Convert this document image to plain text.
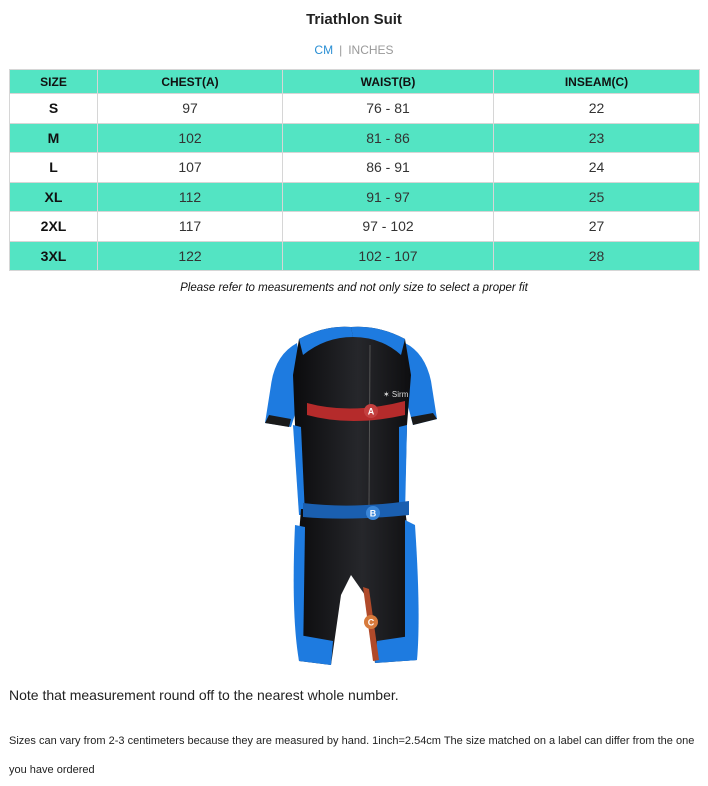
Triathlon Suit
CM | INCHES
SIZE	CHEST(A)	WAIST(B)	INSEAM(C)
S	97	76 - 81	22
M	102	81 - 86	23
L	107	86 - 91	24
XL	112	91 - 97	25
2XL	117	97 - 102	27
3XL	122	102 - 107	28
Please refer to measurements and not only size to select a proper fit
✶ Sirm
A
B
C
Note that measurement round off to the nearest whole number.
Sizes can vary from 2-3 centimeters because they are measured by hand. 1inch=2.54cm The size matched on a label can differ from the one you have ordered
